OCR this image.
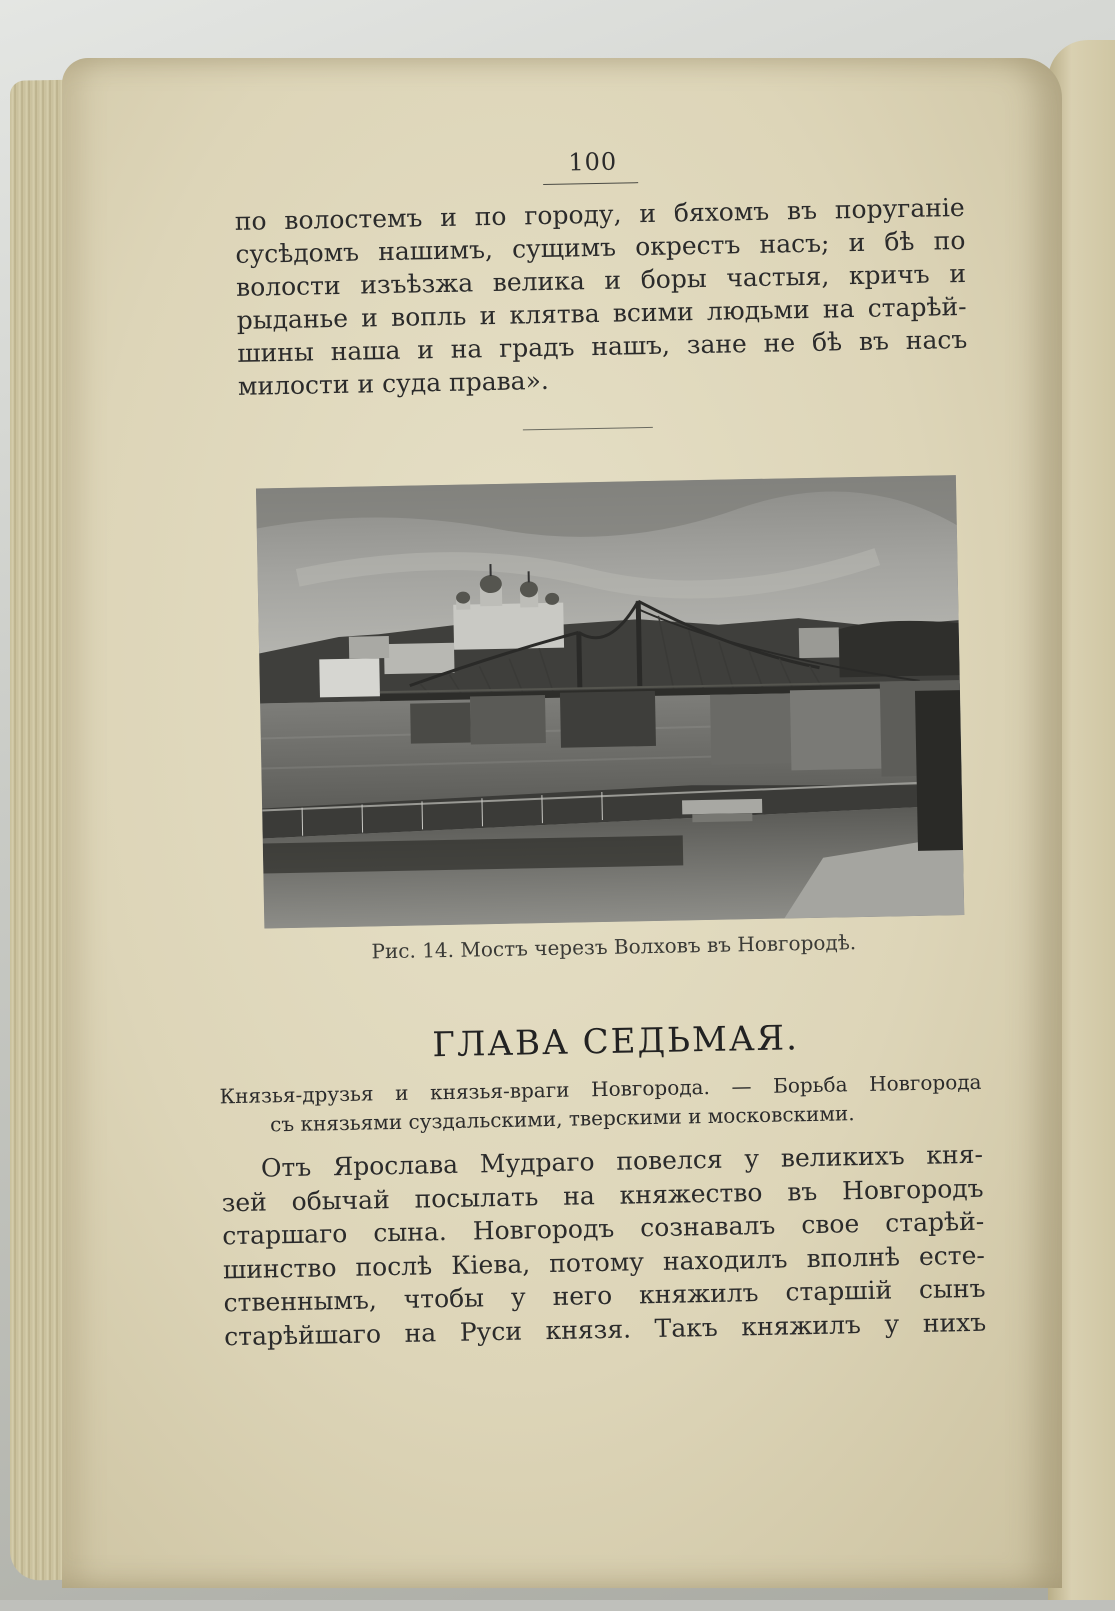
100
по волостемъ и по городу, и бяхомъ въ поруганіе
сусѣдомъ нашимъ, сущимъ окрестъ насъ; и бѣ по
волости изъѣзжа велика и боры частыя, кричъ и
рыданье и вопль и клятва всими людьми на старѣй-
шины наша и на градъ нашъ, зане не бѣ въ насъ
милости и суда права».
Рис. 14. Мостъ черезъ Волховъ въ Новгородѣ.
ГЛАВА СЕДЬМАЯ.
Князья-друзья и князья-враги Новгорода. — Борьба Новгорода
съ князьями суздальскими, тверскими и московскими.
Отъ Ярослава Мудраго повелся у великихъ кня-
зей обычай посылать на княжество въ Новгородъ
старшаго сына. Новгородъ сознавалъ свое старѣй-
шинство послѣ Кіева, потому находилъ вполнѣ есте-
ственнымъ, чтобы у него княжилъ старшій сынъ
старѣйшаго на Руси князя. Такъ княжилъ у нихъ
